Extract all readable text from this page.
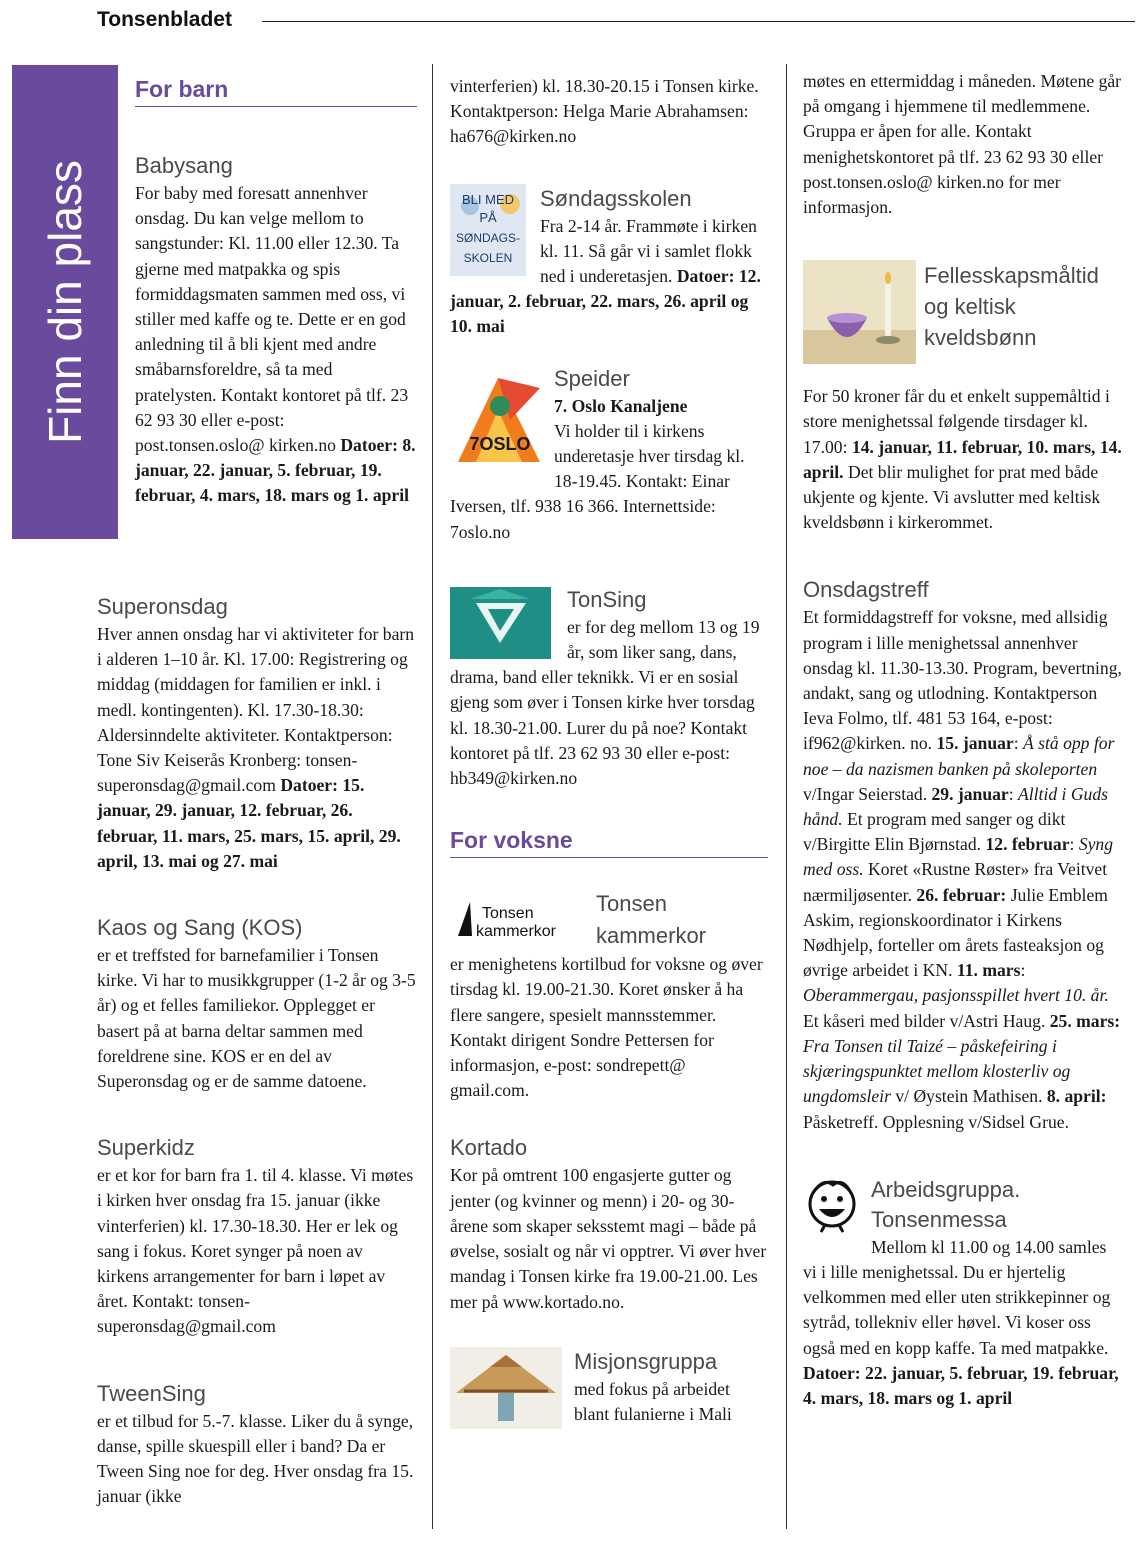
Tonsenbladet
Finn din plass
For barn
Babysang

For baby med foresatt annenhver onsdag. Du kan velge mellom to sangstunder: Kl. 11.00 eller 12.30. Ta gjerne med matpakka og spis formiddagsmaten sammen med oss, vi stiller med kaffe og te. Dette er en god anledning til å bli kjent med andre småbarnsforeldre, så ta med pratelysten. Kontakt kontoret på tlf. 23 62 93 30 eller e-post: post.tonsen.oslo@ kirken.no Datoer: 8. januar, 22. januar, 5. februar, 19. februar, 4. mars, 18. mars og 1. april

Superonsdag

Hver annen onsdag har vi aktiviteter for barn i alderen 1–10 år. Kl. 17.00: Registrering og middag (middagen for familien er inkl. i medl. kontingenten). Kl. 17.30-18.30: Aldersinndelte aktiviteter. Kontaktperson: Tone Siv Keiserås Kronberg: tonsen-superonsdag@gmail.com Datoer: 15. januar, 29. januar, 12. februar, 26. februar, 11. mars, 25. mars, 15. april, 29. april, 13. mai og 27. mai

Kaos og Sang (KOS)

er et treffsted for barnefamilier i Tonsen kirke. Vi har to musikkgrupper (1-2 år og 3-5 år) og et felles familiekor. Opplegget er basert på at barna deltar sammen med foreldrene sine. KOS er en del av Superonsdag og er de samme datoene.

Superkidz

er et kor for barn fra 1. til 4. klasse. Vi møtes i kirken hver onsdag fra 15. januar (ikke vinterferien) kl. 17.30-18.30. Her er lek og sang i fokus. Koret synger på noen av kirkens arrangementer for barn i løpet av året. Kontakt: tonsen-superonsdag@gmail.com

TweenSing

er et tilbud for 5.-7. klasse. Liker du å synge, danse, spille skuespill eller i band? Da er Tween Sing noe for deg. Hver onsdag fra 15. januar (ikke

vinterferien) kl. 18.30-20.15 i Tonsen kirke. Kontaktperson: Helga Marie Abrahamsen: ha676@kirken.no

BLI MED
PÅ
SØNDAGS-
SKOLEN
Søndagsskolen

Fra 2-14 år. Frammøte i kirken kl. 11. Så går vi i samlet flokk ned i underetasjen. Datoer: 12. januar, 2. februar, 22. mars, 26. april og 10. mai

7OSLO
Speider

7. Oslo Kanaljene

Vi holder til i kirkens underetasje hver tirsdag kl. 18-19.45. Kontakt: Einar Iversen, tlf. 938 16 366. Internettside: 7oslo.no

TonSing

er for deg mellom 13 og 19 år, som liker sang, dans, drama, band eller teknikk. Vi er en sosial gjeng som øver i Tonsen kirke hver torsdag kl. 18.30-21.00. Lurer du på noe? Kontakt kontoret på tlf. 23 62 93 30 eller e-post: hb349@kirken.no

For voksne
Tonsen
kammerkor
Tonsen kammerkor

er menighetens kortilbud for voksne og øver tirsdag kl. 19.00-21.30. Koret ønsker å ha flere sangere, spesielt mannsstemmer. Kontakt dirigent Sondre Pettersen for informasjon, e-post: sondrepett@ gmail.com.

Kortado

Kor på omtrent 100 engasjerte gutter og jenter (og kvinner og menn) i 20- og 30-årene som skaper seksstemt magi – både på øvelse, sosialt og når vi opptrer. Vi øver hver mandag i Tonsen kirke fra 19.00-21.00. Les mer på www.kortado.no.

Misjonsgruppa

med fokus på arbeidet blant fulanierne i Mali

møtes en ettermiddag i måneden. Møtene går på omgang i hjemmene til medlemmene. Gruppa er åpen for alle. Kontakt menighetskontoret på tlf. 23 62 93 30 eller post.tonsen.oslo@ kirken.no for mer informasjon.

Fellesskapsmåltid og keltisk kveldsbønn

For 50 kroner får du et enkelt suppemåltid i store menighetssal følgende tirsdager kl. 17.00: 14. januar, 11. februar, 10. mars, 14. april. Det blir mulighet for prat med både ukjente og kjente. Vi avslutter med keltisk kveldsbønn i kirkerommet.

Onsdagstreff

Et formiddagstreff for voksne, med allsidig program i lille menighetssal annenhver onsdag kl. 11.30-13.30. Program, bevertning, andakt, sang og utlodning. Kontaktperson Ieva Folmo, tlf. 481 53 164, e-post: if962@kirken. no. 15. januar: Å stå opp for noe – da nazismen banken på skoleporten v/Ingar Seierstad. 29. januar: Alltid i Guds hånd. Et program med sanger og dikt v/Birgitte Elin Bjørnstad. 12. februar: Syng med oss. Koret «Rustne Røster» fra Veitvet nærmiljøsenter. 26. februar: Julie Emblem Askim, regionskoordinator i Kirkens Nødhjelp, forteller om årets fasteaksjon og øvrige arbeidet i KN. 11. mars: Oberammergau, pasjonsspillet hvert 10. år. Et kåseri med bilder v/Astri Haug. 25. mars: Fra Tonsen til Taizé – påskefeiring i skjæringspunktet mellom klosterliv og ungdomsleir v/ Øystein Mathisen. 8. april: Påsketreff. Opplesning v/Sidsel Grue.

Arbeidsgruppa. Tonsenmessa

Mellom kl 11.00 og 14.00 samles vi i lille menighetssal. Du er hjertelig velkommen med eller uten strikkepinner og sytråd, tollekniv eller høvel. Vi koser oss også med en kopp kaffe. Ta med matpakke. Datoer: 22. januar, 5. februar, 19. februar, 4. mars, 18. mars og 1. april
